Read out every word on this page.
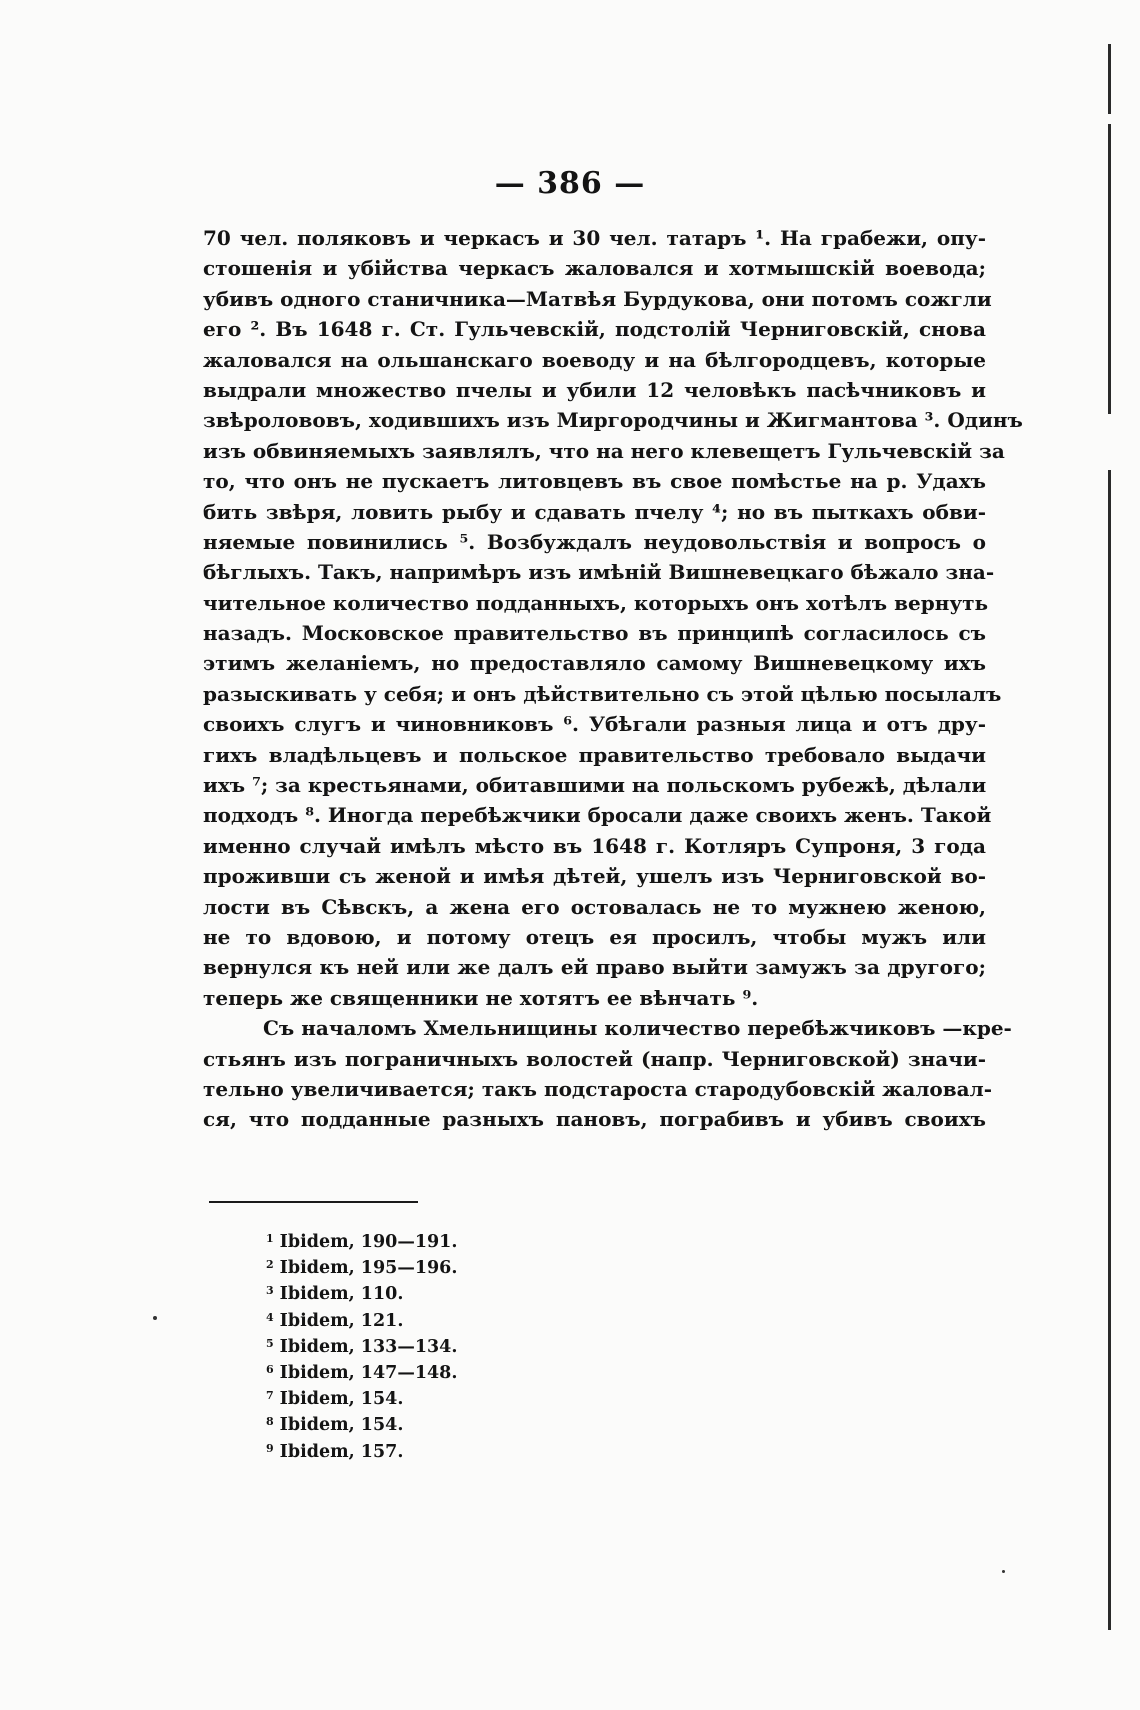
— 386 —
70 чел. поляковъ и черкасъ и 30 чел. татаръ ¹. На грабежи, опу-
стошенія и убійства черкасъ жаловался и хотмышскій воевода;
убивъ одного станичника—Матвѣя Бурдукова, они потомъ сожгли
его ². Въ 1648 г. Ст. Гульчевскій, подстолій Черниговскій, снова
жаловался на ольшанскаго воеводу и на бѣлгородцевъ, которые
выдрали множество пчелы и убили 12 человѣкъ пасѣчниковъ и
звѣролововъ, ходившихъ изъ Миргородчины и Жигмантова ³. Одинъ
изъ обвиняемыхъ заявлялъ, что на него клевещетъ Гульчевскій за
то, что онъ не пускаетъ литовцевъ въ свое помѣстье на р. Удахъ
бить звѣря, ловить рыбу и сдавать пчелу ⁴; но въ пыткахъ обви-
няемые повинились ⁵. Возбуждалъ неудовольствія и вопросъ о
бѣглыхъ. Такъ, напримѣръ изъ имѣній Вишневецкаго бѣжало зна-
чительное количество подданныхъ, которыхъ онъ хотѣлъ вернуть
назадъ. Московское правительство въ принципѣ согласилось съ
этимъ желаніемъ, но предоставляло самому Вишневецкому ихъ
разыскивать у себя; и онъ дѣйствительно съ этой цѣлью посылалъ
своихъ слугъ и чиновниковъ ⁶. Убѣгали разныя лица и отъ дру-
гихъ владѣльцевъ и польское правительство требовало выдачи
ихъ ⁷; за крестьянами, обитавшими на польскомъ рубежѣ, дѣлали
подходъ ⁸. Иногда перебѣжчики бросали даже своихъ женъ. Такой
именно случай имѣлъ мѣсто въ 1648 г. Котляръ Супроня, 3 года
проживши съ женой и имѣя дѣтей, ушелъ изъ Черниговской во-
лости въ Сѣвскъ, а жена его остовалась не то мужнею женою,
не то вдовою, и потому отецъ ея просилъ, чтобы мужъ или
вернулся къ ней или же далъ ей право выйти замужъ за другого;
теперь же священники не хотятъ ее вѣнчать ⁹.
Съ началомъ Хмельнищины количество перебѣжчиковъ —кре-
стьянъ изъ пограничныхъ волостей (напр. Черниговской) значи-
тельно увеличивается; такъ подстароста стародубовскій жалoвал-
ся, что подданные разныхъ пановъ, пограбивъ и убивъ своихъ
$^1$ Ibidem, 190—191.
$^2$ Ibidem, 195—196.
$^3$ Ibidem, 110.
$^4$ Ibidem, 121.
$^5$ Ibidem, 133—134.
$^6$ Ibidem, 147—148.
$^7$ Ibidem, 154.
$^8$ Ibidem, 154.
$^9$ Ibidem, 157.
